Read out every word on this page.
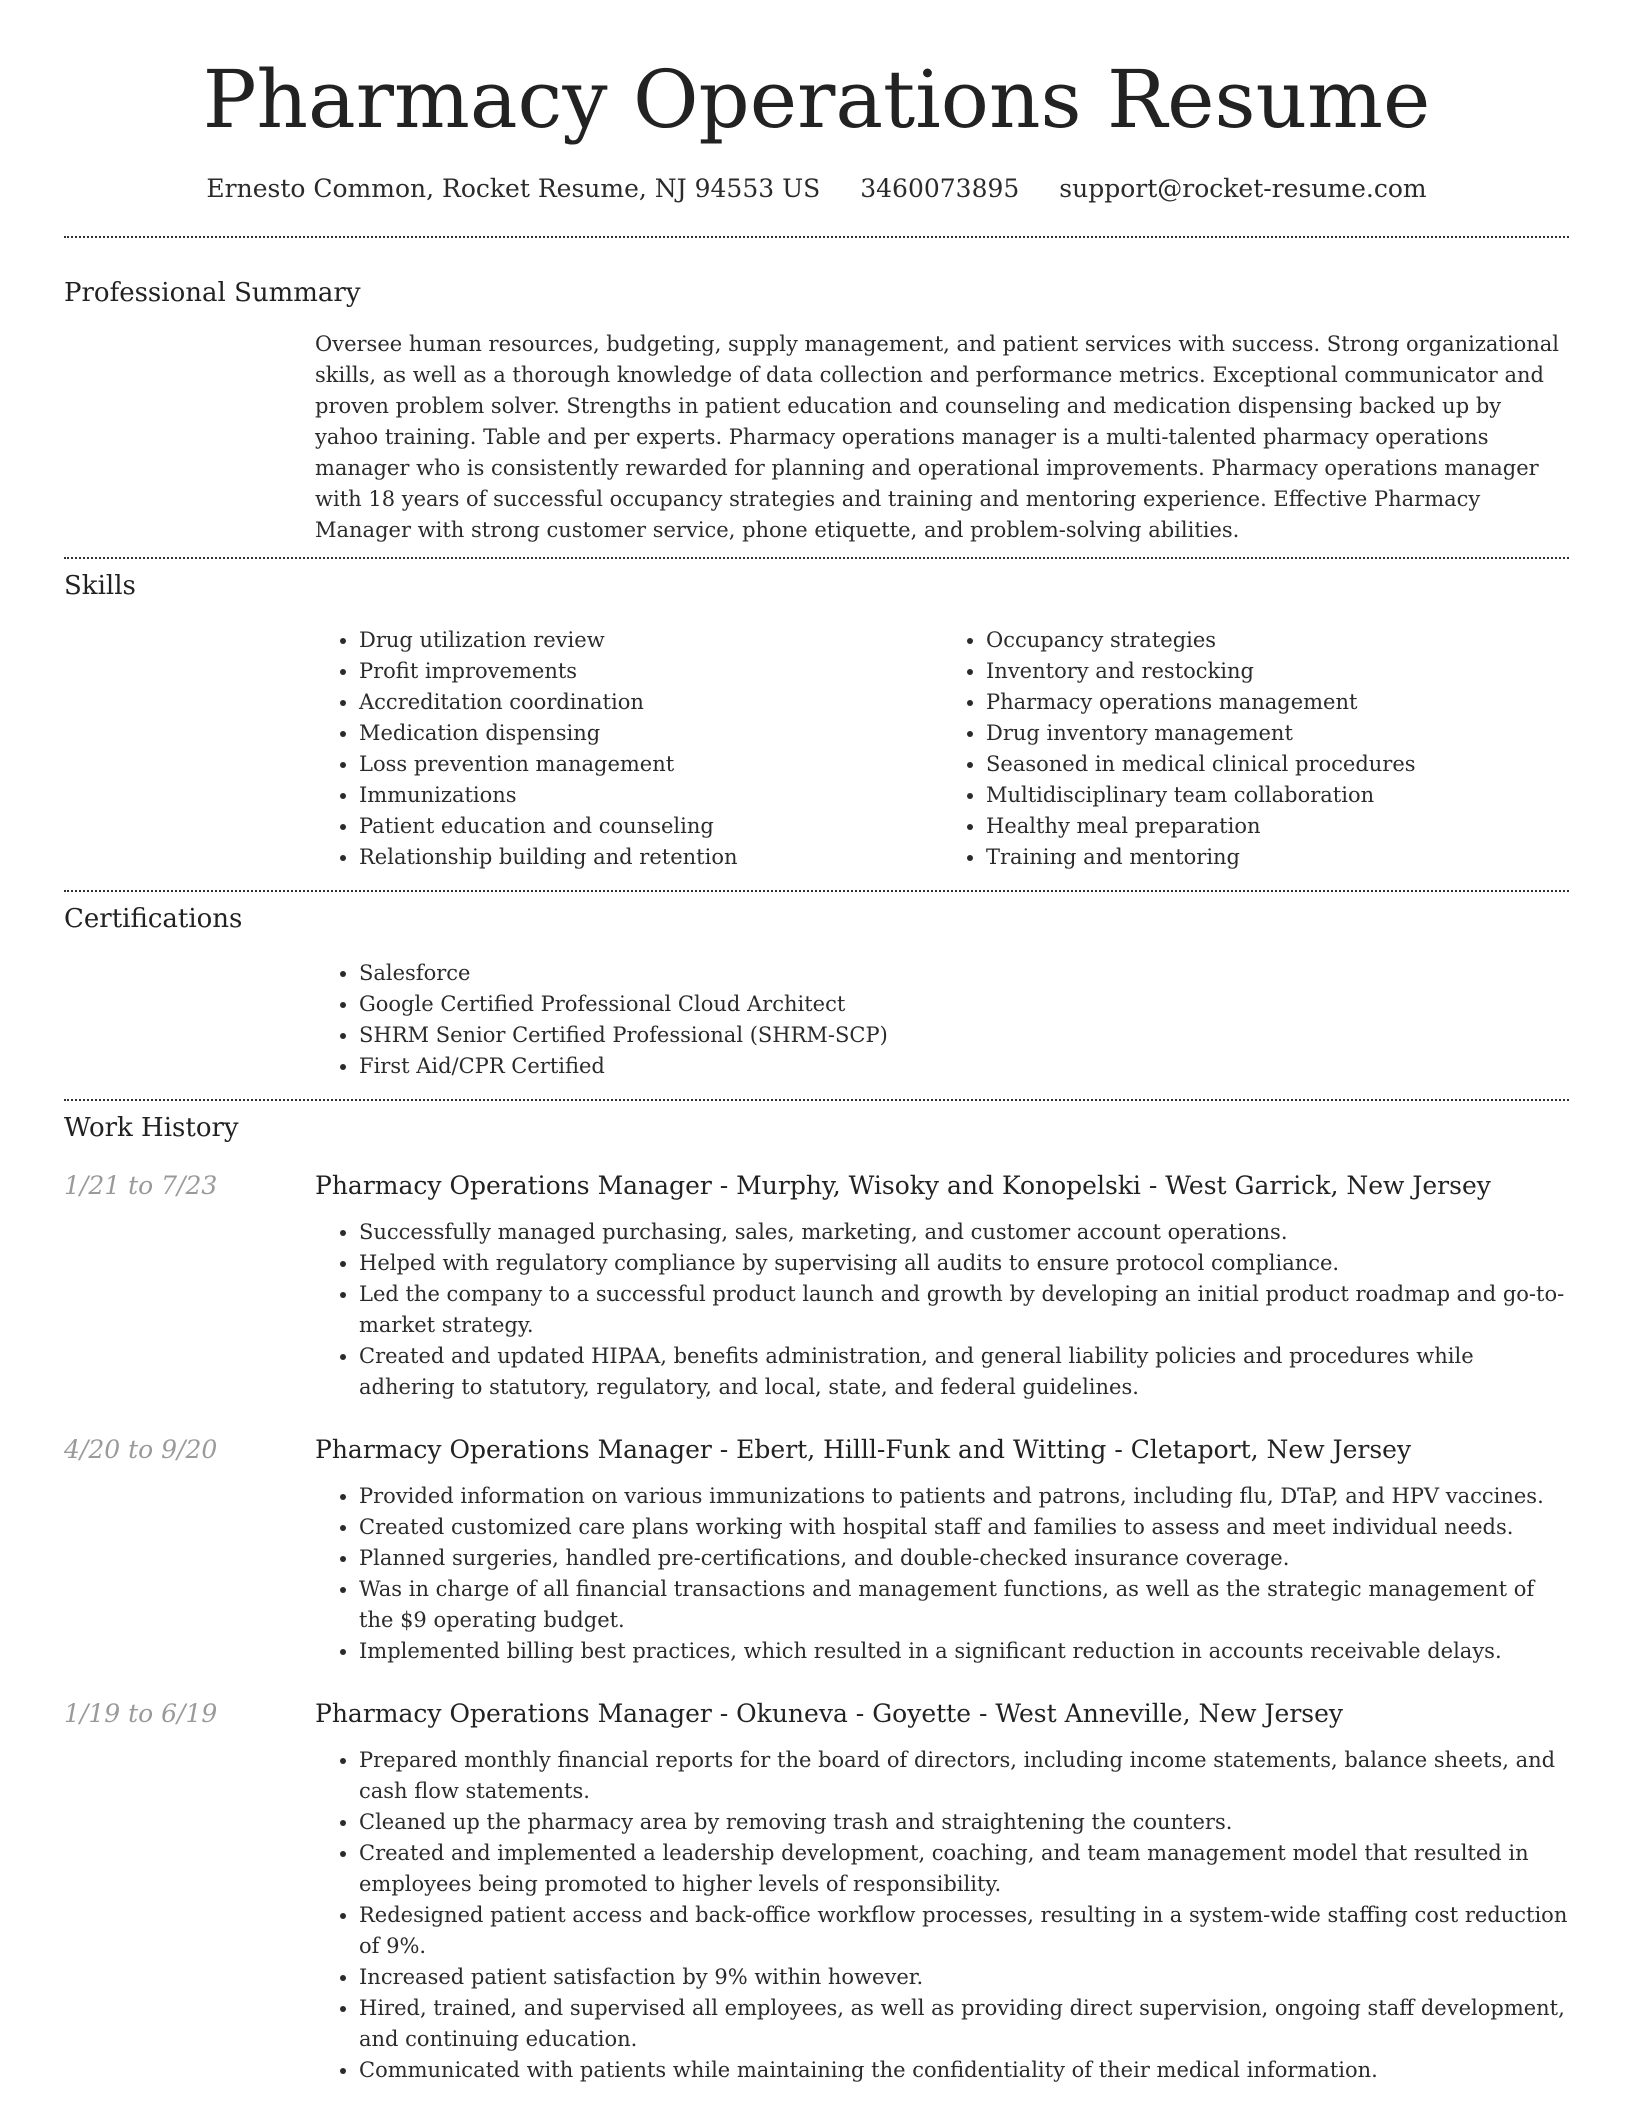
Pharmacy Operations Resume
Ernesto Common, Rocket Resume, NJ 94553 US 3460073895 support@rocket-resume.com
Professional Summary
Oversee human resources, budgeting, supply management, and patient services with success. Strong organizational skills, as well as a thorough knowledge of data collection and performance metrics. Exceptional communicator and proven problem solver. Strengths in patient education and counseling and medication dispensing backed up by yahoo training. Table and per experts. Pharmacy operations manager is a multi-talented pharmacy operations manager who is consistently rewarded for planning and operational improvements. Pharmacy operations manager with 18 years of successful occupancy strategies and training and mentoring experience. Effective Pharmacy Manager with strong customer service, phone etiquette, and problem-solving abilities.
Skills
• Drug utilization review
• Profit improvements
• Accreditation coordination
• Medication dispensing
• Loss prevention management
• Immunizations
• Patient education and counseling
• Relationship building and retention
• Occupancy strategies
• Inventory and restocking
• Pharmacy operations management
• Drug inventory management
• Seasoned in medical clinical procedures
• Multidisciplinary team collaboration
• Healthy meal preparation
• Training and mentoring
Certifications
• Salesforce
• Google Certified Professional Cloud Architect
• SHRM Senior Certified Professional (SHRM-SCP)
• First Aid/CPR Certified
Work History
1/21 to 7/23	Pharmacy Operations Manager - Murphy, Wisoky and Konopelski - West Garrick, New Jersey
• Successfully managed purchasing, sales, marketing, and customer account operations.
• Helped with regulatory compliance by supervising all audits to ensure protocol compliance.
• Led the company to a successful product launch and growth by developing an initial product roadmap and go-to-market strategy.
• Created and updated HIPAA, benefits administration, and general liability policies and procedures while adhering to statutory, regulatory, and local, state, and federal guidelines.
4/20 to 9/20	Pharmacy Operations Manager - Ebert, Hilll-Funk and Witting - Cletaport, New Jersey
• Provided information on various immunizations to patients and patrons, including flu, DTaP, and HPV vaccines.
• Created customized care plans working with hospital staff and families to assess and meet individual needs.
• Planned surgeries, handled pre-certifications, and double-checked insurance coverage.
• Was in charge of all financial transactions and management functions, as well as the strategic management of the $9 operating budget.
• Implemented billing best practices, which resulted in a significant reduction in accounts receivable delays.
1/19 to 6/19	Pharmacy Operations Manager - Okuneva - Goyette - West Anneville, New Jersey
• Prepared monthly financial reports for the board of directors, including income statements, balance sheets, and cash flow statements.
• Cleaned up the pharmacy area by removing trash and straightening the counters.
• Created and implemented a leadership development, coaching, and team management model that resulted in employees being promoted to higher levels of responsibility.
• Redesigned patient access and back-office workflow processes, resulting in a system-wide staffing cost reduction of 9%.
• Increased patient satisfaction by 9% within however.
• Hired, trained, and supervised all employees, as well as providing direct supervision, ongoing staff development, and continuing education.
• Communicated with patients while maintaining the confidentiality of their medical information.
